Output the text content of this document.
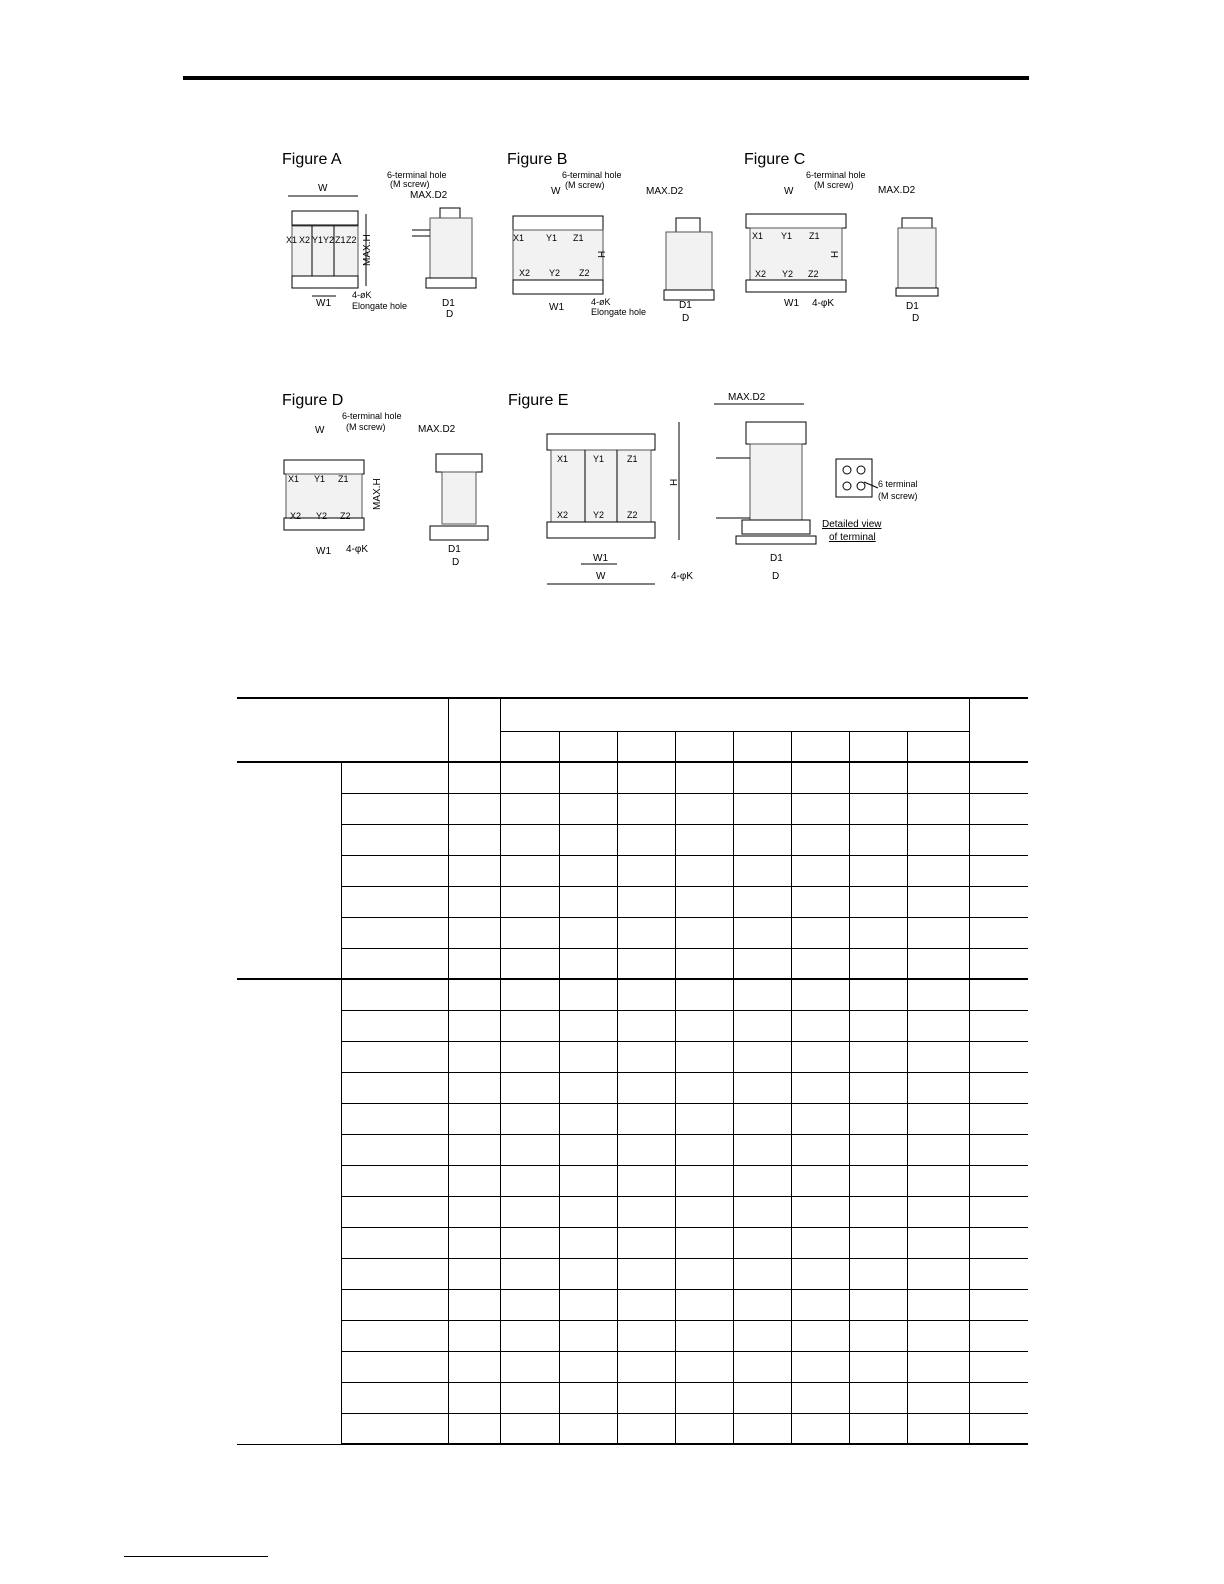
Figure A
W
X1 X2 Y1 Y2 Z1 Z2 MAX.H
W1
4-øK
Elongate hole
6-terminal hole
(M screw)
MAX.D2
D1
D
Figure B
W
X1 Y1 Z1
X2 Y2 Z2
H
W1	4-øK
Elongate hole
6-terminal hole
(M screw)
MAX.D2
D1
D
Figure C
W
X1 Y1 Z1
X2 Y2 Z2
H
W1 4-φK
6-terminal hole
(M screw) MAX.D2
D1
D
Figure D
W
X1 Y1 Z1
X2 Y2 Z2
MAX.H
W1 4-φK
6-terminal hole
(M screw)	MAX.D2
D1
D
Figure E
X1	Y1	Z1
X2	Y2	Z2
H
W1
W	4-φK
MAX.D2
D1
D
6 terminal
(M screw)
Detailed view
of terminal
